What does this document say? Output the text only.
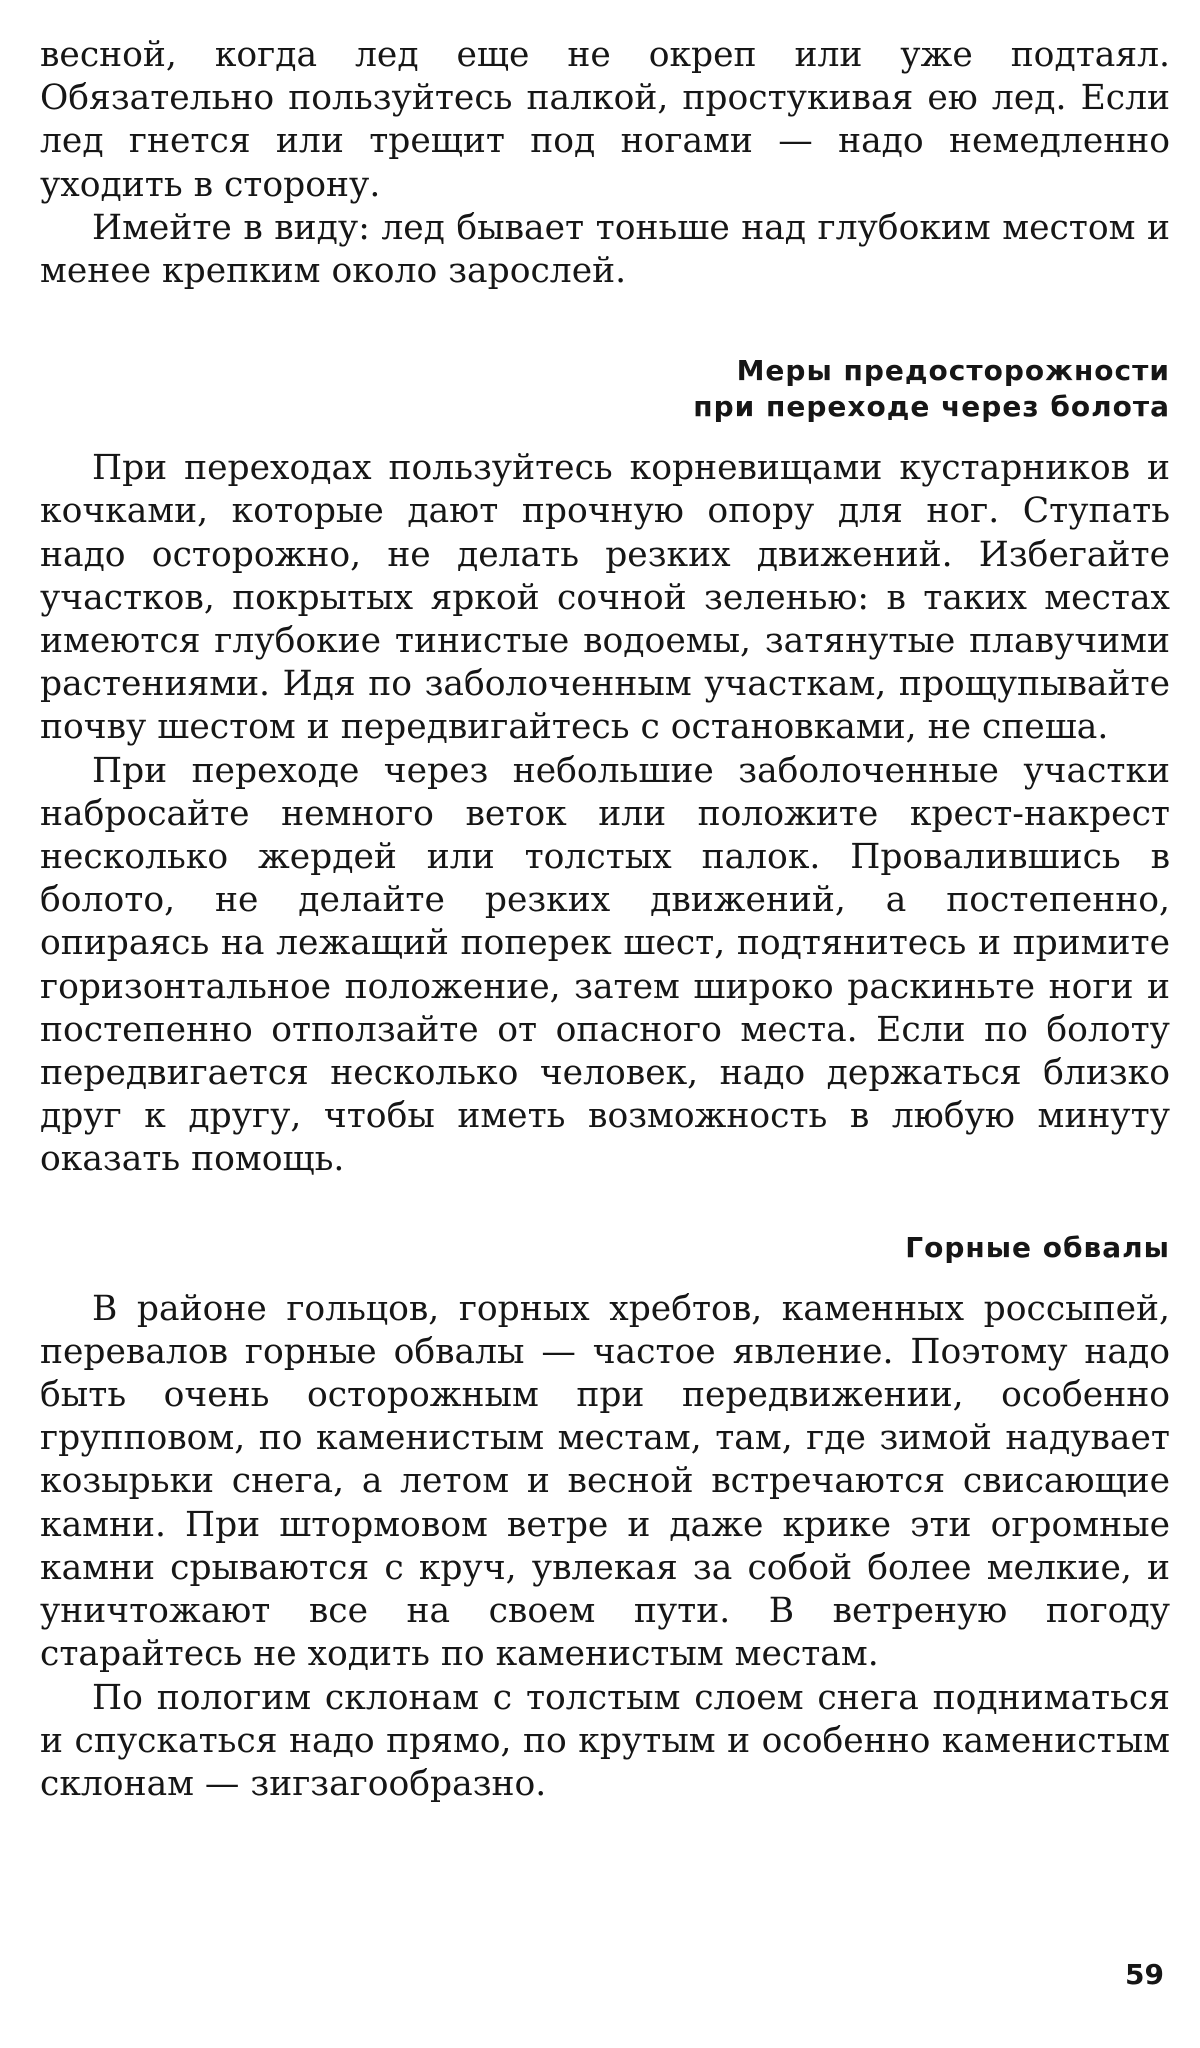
весной, когда лед еще не окреп или уже подтаял. Обязательно пользуйтесь палкой, простукивая ею лед. Если лед гнется или трещит под ногами — надо немедленно уходить в сторону.

Имейте в виду: лед бывает тоньше над глубоким местом и менее крепким около зарослей.

Меры предосторожности
при переходе через болота

При переходах пользуйтесь корневищами кустарников и кочками, которые дают прочную опору для ног. Ступать надо осторожно, не делать резких движений. Избегайте участков, покрытых яркой сочной зеленью: в таких местах имеются глубокие тинистые водоемы, затянутые плавучими растениями. Идя по заболоченным участкам, прощупывайте почву шестом и передвигайтесь с остановками, не спеша.

При переходе через небольшие заболоченные участки набросайте немного веток или положите крест-накрест несколько жердей или толстых палок. Провалившись в болото, не делайте резких движений, а постепенно, опираясь на лежащий поперек шест, подтянитесь и примите горизонтальное положение, затем широко раскиньте ноги и постепенно отползайте от опасного места. Если по болоту передвигается несколько человек, надо держаться близко друг к другу, чтобы иметь возможность в любую минуту оказать помощь.

Горные обвалы

В районе гольцов, горных хребтов, каменных россыпей, перевалов горные обвалы — частое явление. Поэтому надо быть очень осторожным при передвижении, особенно групповом, по каменистым местам, там, где зимой надувает козырьки снега, а летом и весной встречаются свисающие камни. При штормовом ветре и даже крике эти огромные камни срываются с круч, увлекая за собой более мелкие, и уничтожают все на своем пути. В ветреную погоду старайтесь не ходить по каменистым местам.

По пологим склонам с толстым слоем снега подниматься и спускаться надо прямо, по крутым и особенно каменистым склонам — зигзагообразно.

59
